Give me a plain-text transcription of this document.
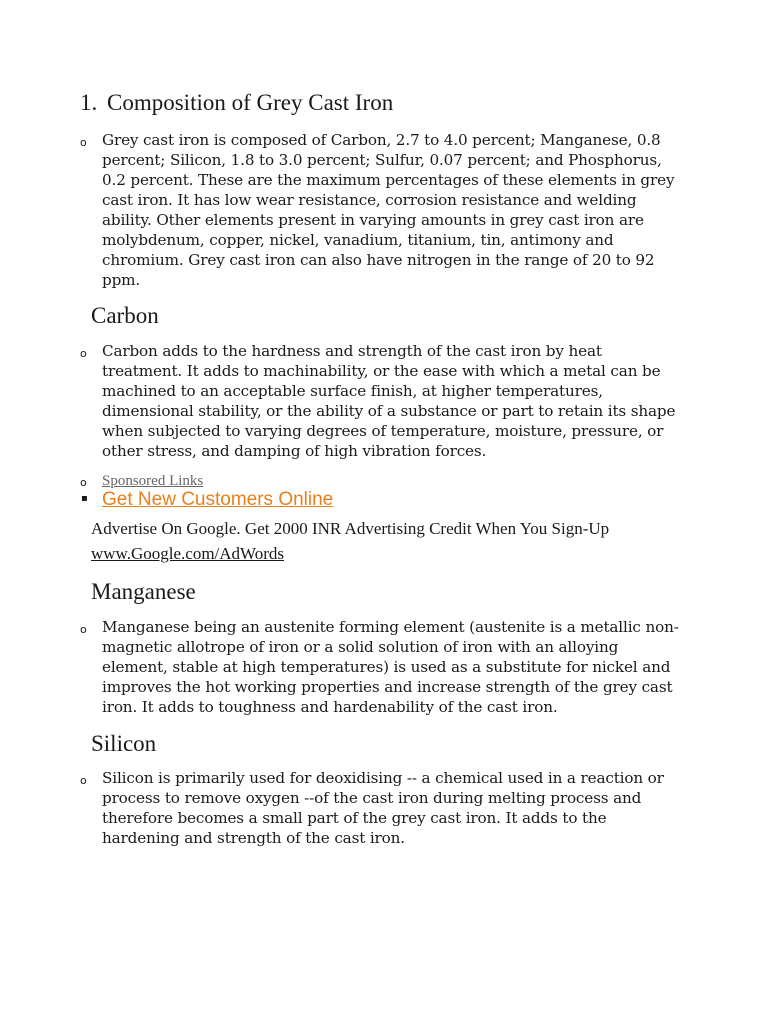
1. Composition of Grey Cast Iron
o Grey cast iron is composed of Carbon, 2.7 to 4.0 percent; Manganese, 0.8 percent; Silicon, 1.8 to 3.0 percent; Sulfur, 0.07 percent; and Phosphorus, 0.2 percent. These are the maximum percentages of these elements in grey cast iron. It has low wear resistance, corrosion resistance and welding ability. Other elements present in varying amounts in grey cast iron are molybdenum, copper, nickel, vanadium, titanium, tin, antimony and chromium. Grey cast iron can also have nitrogen in the range of 20 to 92 ppm.
Carbon
o Carbon adds to the hardness and strength of the cast iron by heat treatment. It adds to machinability, or the ease with which a metal can be machined to an acceptable surface finish, at higher temperatures, dimensional stability, or the ability of a substance or part to retain its shape when subjected to varying degrees of temperature, moisture, pressure, or other stress, and damping of high vibration forces.
o Sponsored Links
▪ Get New Customers Online
Advertise On Google. Get 2000 INR Advertising Credit When You Sign-Up
www.Google.com/AdWords
Manganese
o Manganese being an austenite forming element (austenite is a metallic non-magnetic allotrope of iron or a solid solution of iron with an alloying element, stable at high temperatures) is used as a substitute for nickel and improves the hot working properties and increase strength of the grey cast iron. It adds to toughness and hardenability of the cast iron.
Silicon
o Silicon is primarily used for deoxidising -- a chemical used in a reaction or process to remove oxygen --of the cast iron during melting process and therefore becomes a small part of the grey cast iron. It adds to the hardening and strength of the cast iron.
